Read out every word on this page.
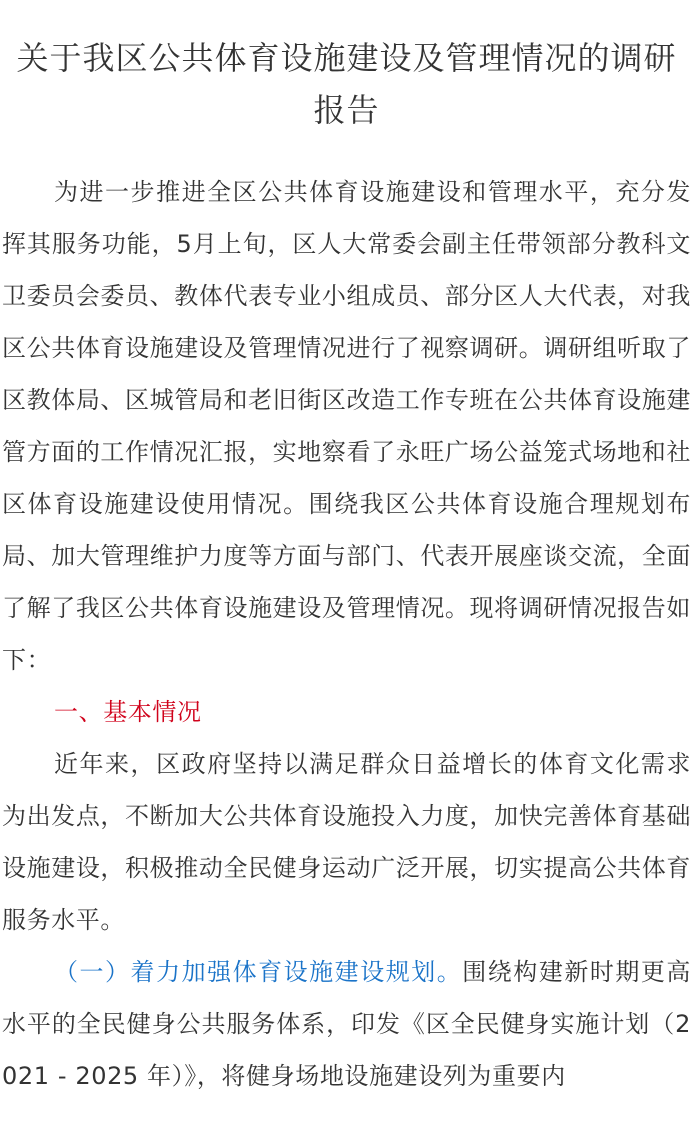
关于我区公共体育设施建设及管理情况的调研报告

为进一步推进全区公共体育设施建设和管理水平，充分发挥其服务功能，5月上旬，区人大常委会副主任带领部分教科文卫委员会委员、教体代表专业小组成员、部分区人大代表，对我区公共体育设施建设及管理情况进行了视察调研。调研组听取了区教体局、区城管局和老旧街区改造工作专班在公共体育设施建管方面的工作情况汇报，实地察看了永旺广场公益笼式场地和社区体育设施建设使用情况。围绕我区公共体育设施合理规划布局、加大管理维护力度等方面与部门、代表开展座谈交流，全面了解了我区公共体育设施建设及管理情况。现将调研情况报告如下：

一、基本情况

近年来，区政府坚持以满足群众日益增长的体育文化需求为出发点，不断加大公共体育设施投入力度，加快完善体育基础设施建设，积极推动全民健身运动广泛开展，切实提高公共体育服务水平。

（一）着力加强体育设施建设规划。围绕构建新时期更高水平的全民健身公共服务体系，印发《区全民健身实施计划（2021 - 2025 年）》，将健身场地设施建设列为重要内
